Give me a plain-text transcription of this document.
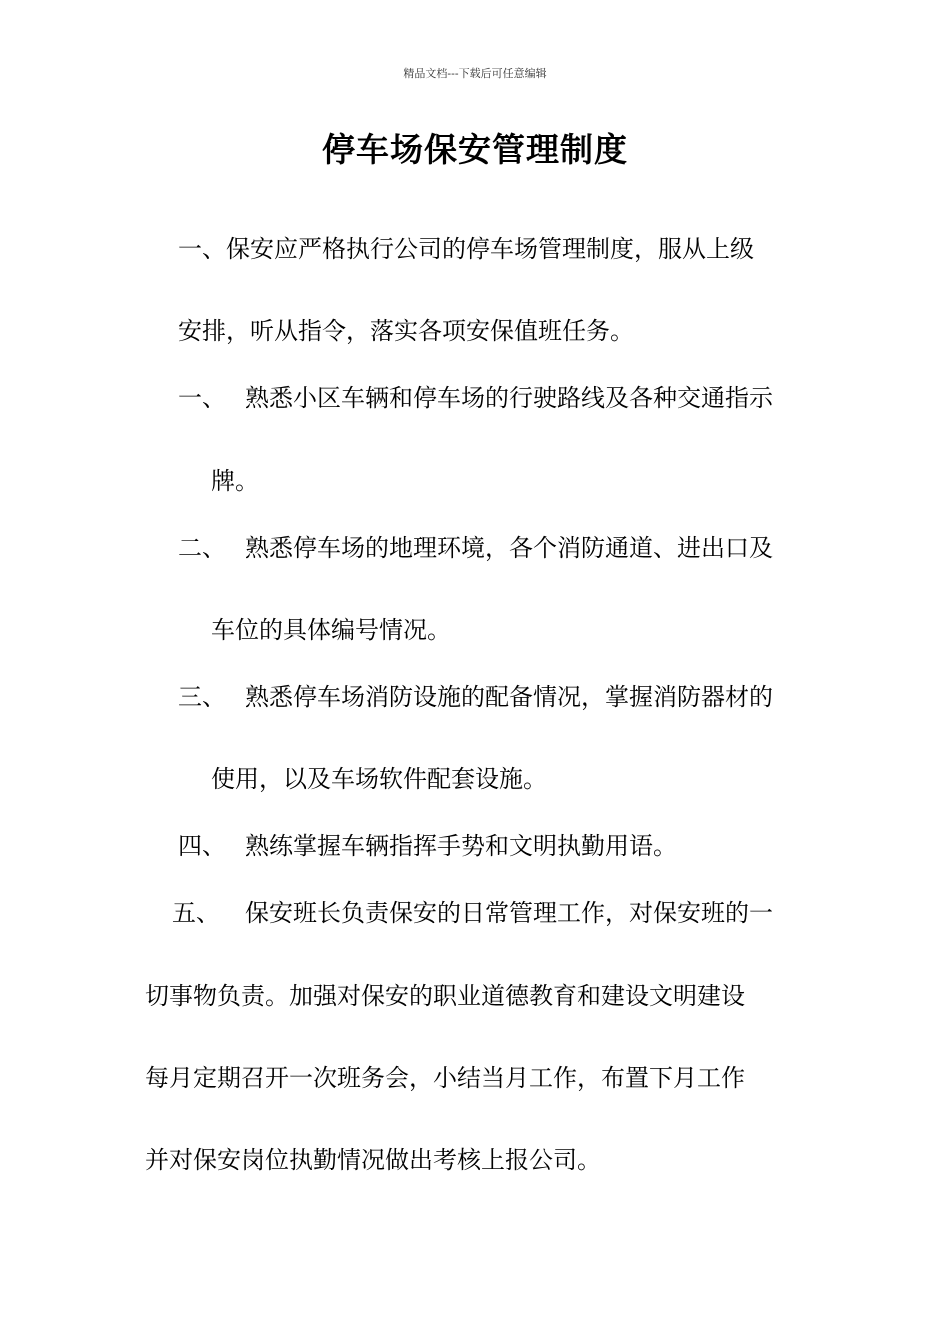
精品文档---下载后可任意编辑
停车场保安管理制度
一、保安应严格执行公司的停车场管理制度，服从上级
安排，听从指令，落实各项安保值班任务。
一、 熟悉小区车辆和停车场的行驶路线及各种交通指示
牌。
二、 熟悉停车场的地理环境，各个消防通道、进出口及
车位的具体编号情况。
三、 熟悉停车场消防设施的配备情况，掌握消防器材的
使用，以及车场软件配套设施。
四、 熟练掌握车辆指挥手势和文明执勤用语。
五、 保安班长负责保安的日常管理工作，对保安班的一
切事物负责。加强对保安的职业道德教育和建设文明建设
每月定期召开一次班务会，小结当月工作，布置下月工作
并对保安岗位执勤情况做出考核上报公司。
